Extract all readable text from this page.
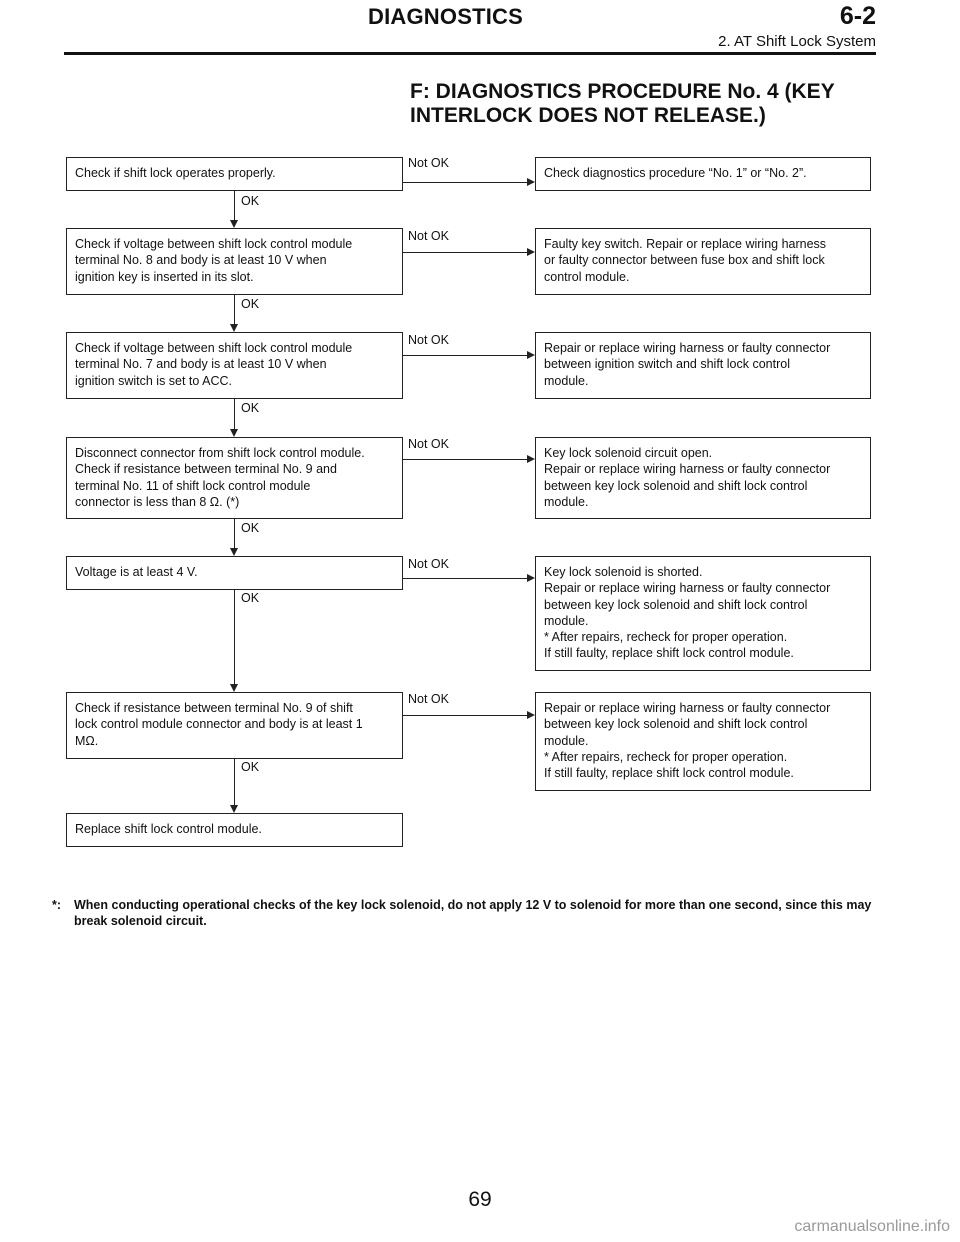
DIAGNOSTICS	6-2
2. AT Shift Lock System
F: DIAGNOSTICS PROCEDURE No. 4 (KEY INTERLOCK DOES NOT RELEASE.)
Check if shift lock operates properly.
Check if voltage between shift lock control module
terminal No. 8 and body is at least 10 V when
ignition key is inserted in its slot.
Check if voltage between shift lock control module
terminal No. 7 and body is at least 10 V when
ignition switch is set to ACC.
Disconnect connector from shift lock control module.
Check if resistance between terminal No. 9 and
terminal No. 11 of shift lock control module
connector is less than 8 Ω. (*)
Voltage is at least 4 V.
Check if resistance between terminal No. 9 of shift
lock control module connector and body is at least 1
MΩ.
Replace shift lock control module.
Check diagnostics procedure “No. 1” or “No. 2”.
Faulty key switch. Repair or replace wiring harness
or faulty connector between fuse box and shift lock
control module.
Repair or replace wiring harness or faulty connector
between ignition switch and shift lock control
module.
Key lock solenoid circuit open.
Repair or replace wiring harness or faulty connector
between key lock solenoid and shift lock control
module.
Key lock solenoid is shorted.
Repair or replace wiring harness or faulty connector
between key lock solenoid and shift lock control
module.
* After repairs, recheck for proper operation.
If still faulty, replace shift lock control module.
Repair or replace wiring harness or faulty connector
between key lock solenoid and shift lock control
module.
* After repairs, recheck for proper operation.
If still faulty, replace shift lock control module.
Not OK
Not OK
Not OK
Not OK
Not OK
Not OK
OK
OK
OK
OK
OK
OK
*:	When conducting operational checks of the key lock solenoid, do not apply 12 V to solenoid for more than one second, since this may break solenoid circuit.
69
carmanualsonline.info
